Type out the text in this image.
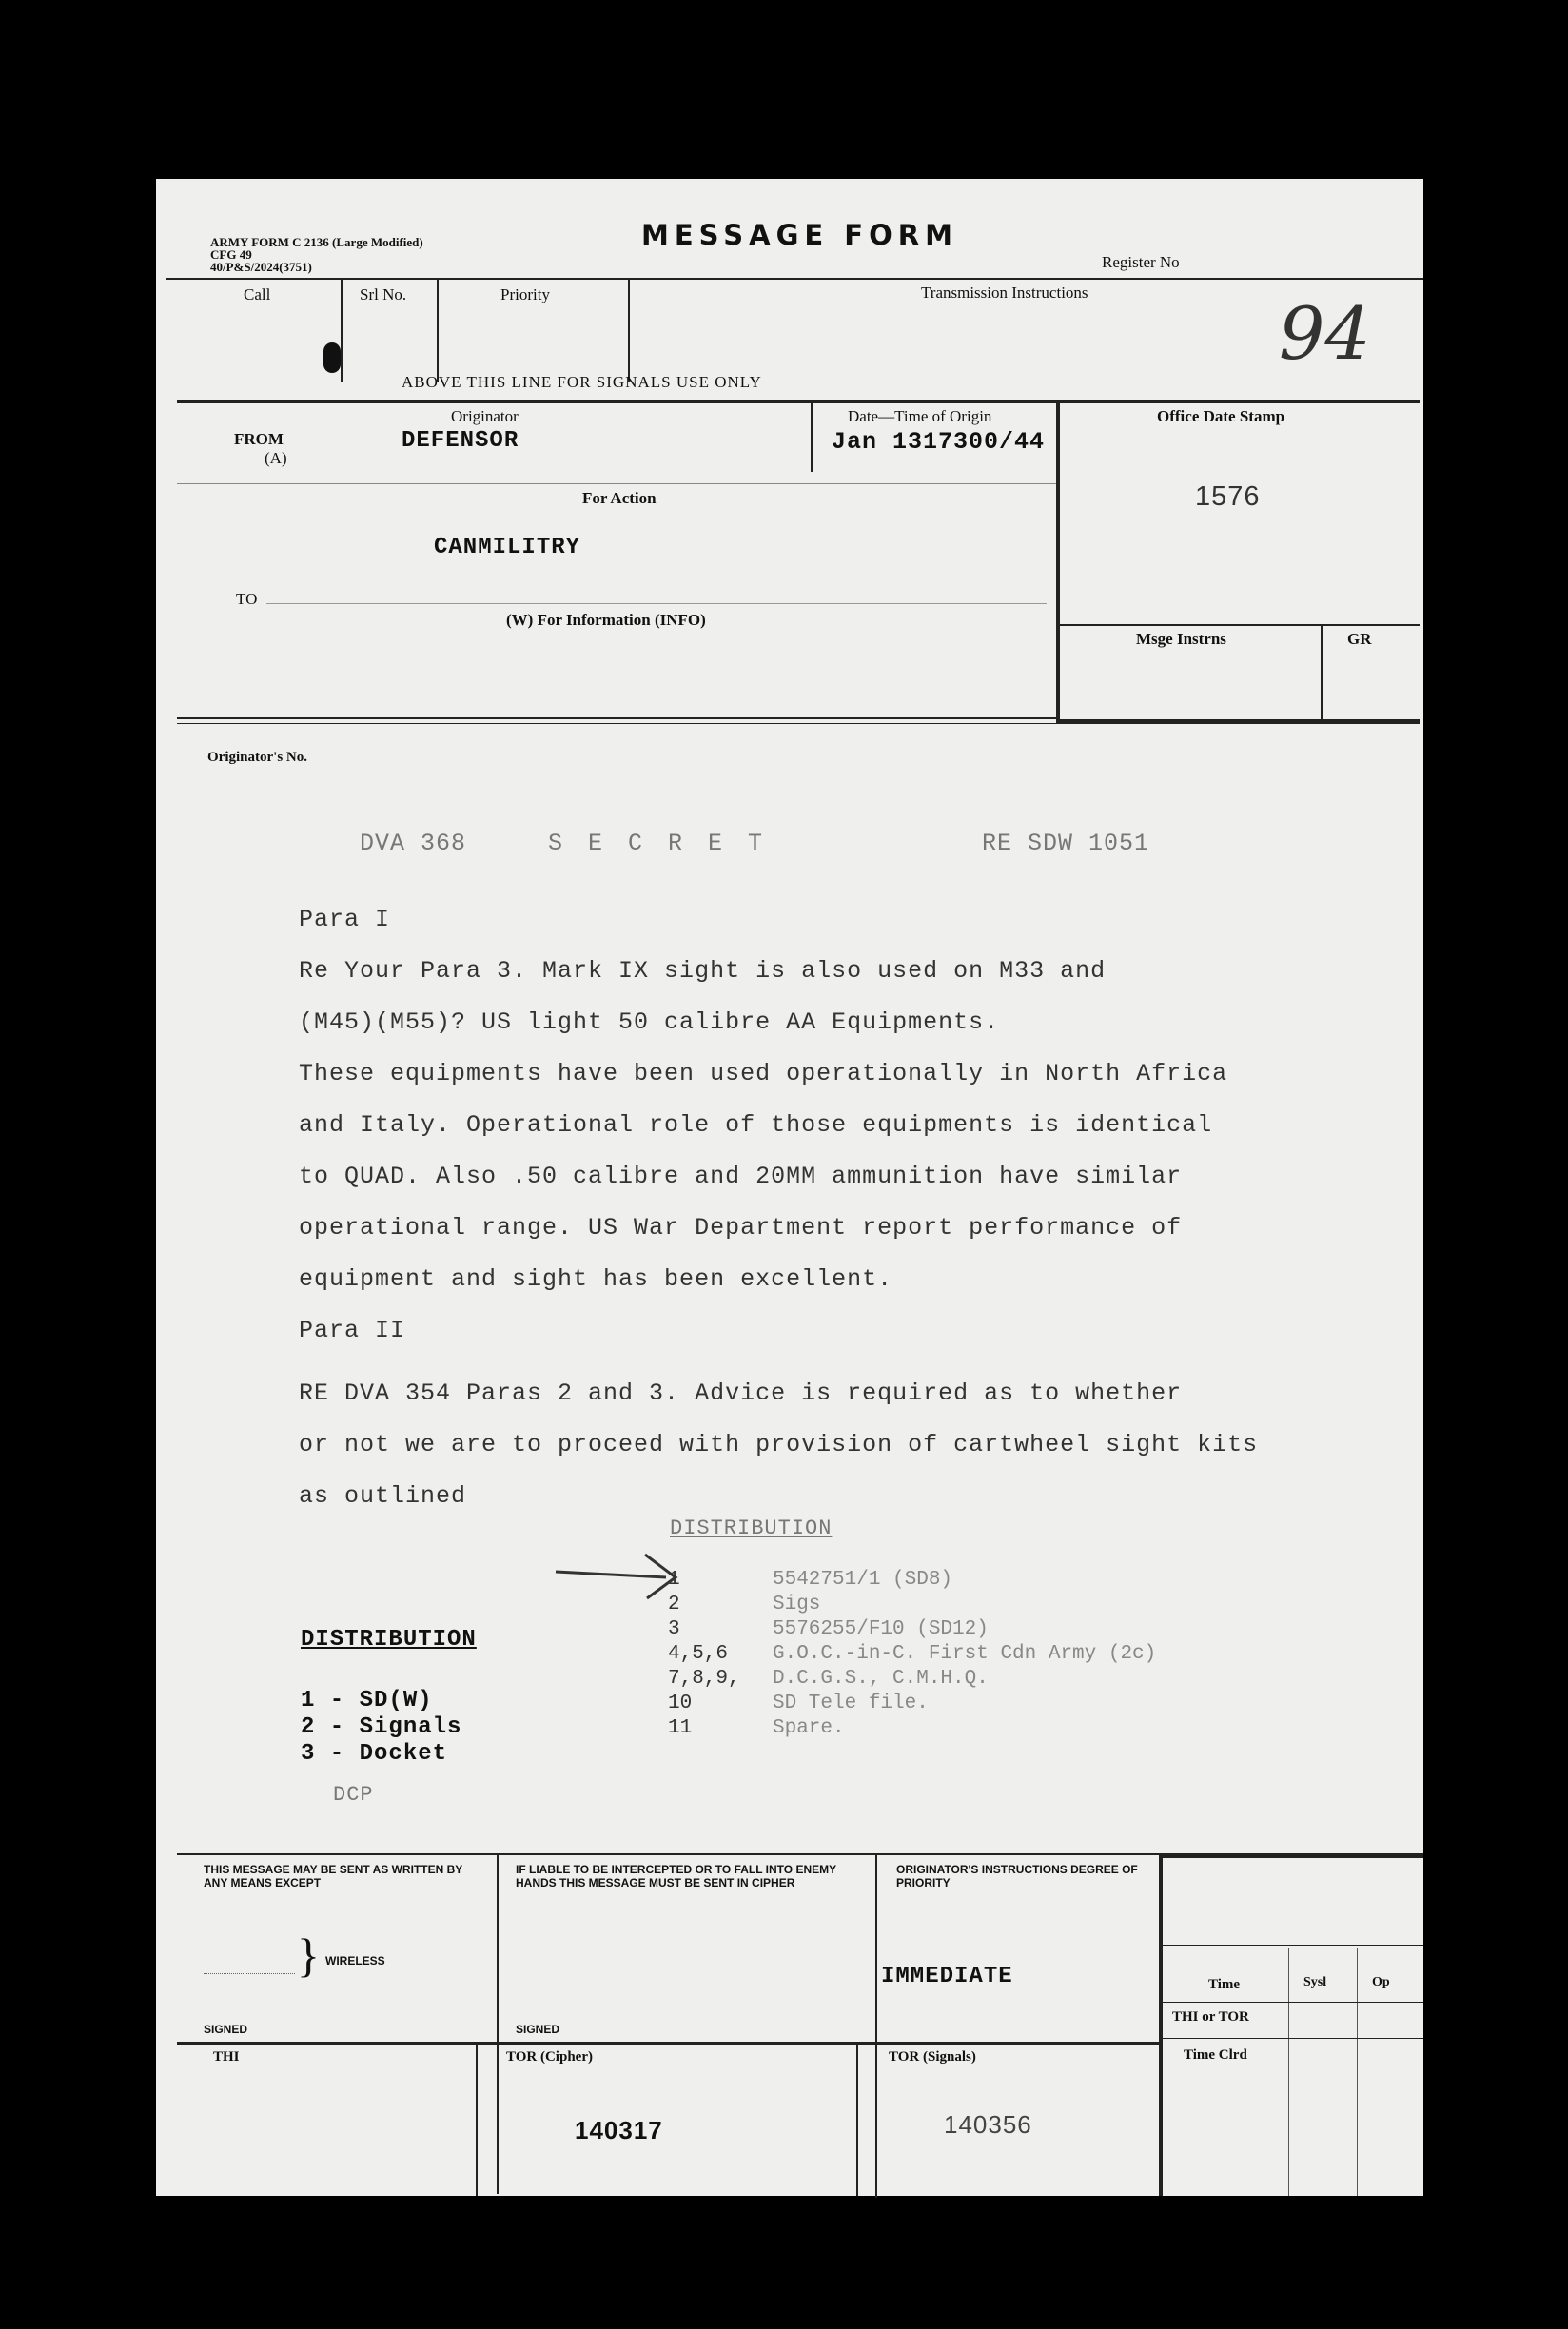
ARMY FORM C 2136 (Large Modified)
CFG 49
40/P&S/2024(3751)
MESSAGE FORM
Register No
94
Call	Srl No.	Priority	Transmission Instructions
ABOVE THIS LINE FOR SIGNALS USE ONLY
FROM
(A)
Originator
DEFENSOR
Date—Time of Origin
Jan 1317300/44
Office Date Stamp
1576
For Action
CANMILITRY
TO
(W) For Information (INFO)
Msge Instrns	GR
Originator's No.
DVA 368	S E C R E T	RE SDW 1051
Para I
Re Your Para 3. Mark IX sight is also used on M33 and
(M45)(M55)? US light 50 calibre AA Equipments.
These equipments have been used operationally in North Africa
and Italy. Operational role of those equipments is identical
to QUAD. Also .50 calibre and 20MM ammunition have similar
operational range. US War Department report performance of
equipment and sight has been excellent.
Para II
RE DVA 354 Paras 2 and 3. Advice is required as to whether
or not we are to proceed with provision of cartwheel sight kits
as outlined
DISTRIBUTION
1	5542751/1 (SD8)
2	Sigs
3	5576255/F10 (SD12)
4,5,6 G.O.C.-in-C. First Cdn Army (2c)
7,8,9, D.C.G.S., C.M.H.Q.
10	SD Tele file.
11	Spare.
DISTRIBUTION
1 - SD(W)
2 - Signals
3 - Docket
DCP
THIS MESSAGE MAY BE SENT AS WRITTEN BY ANY MEANS EXCEPT
} WIRELESS
SIGNED
IF LIABLE TO BE INTERCEPTED OR TO FALL INTO ENEMY HANDS THIS MESSAGE MUST BE SENT IN CIPHER
SIGNED
ORIGINATOR'S INSTRUCTIONS DEGREE OF PRIORITY
IMMEDIATE	Time	Sysl	Op
THI or TOR
Time Clrd
THI	TOR (Cipher)
140317
TOR (Signals)
140356
